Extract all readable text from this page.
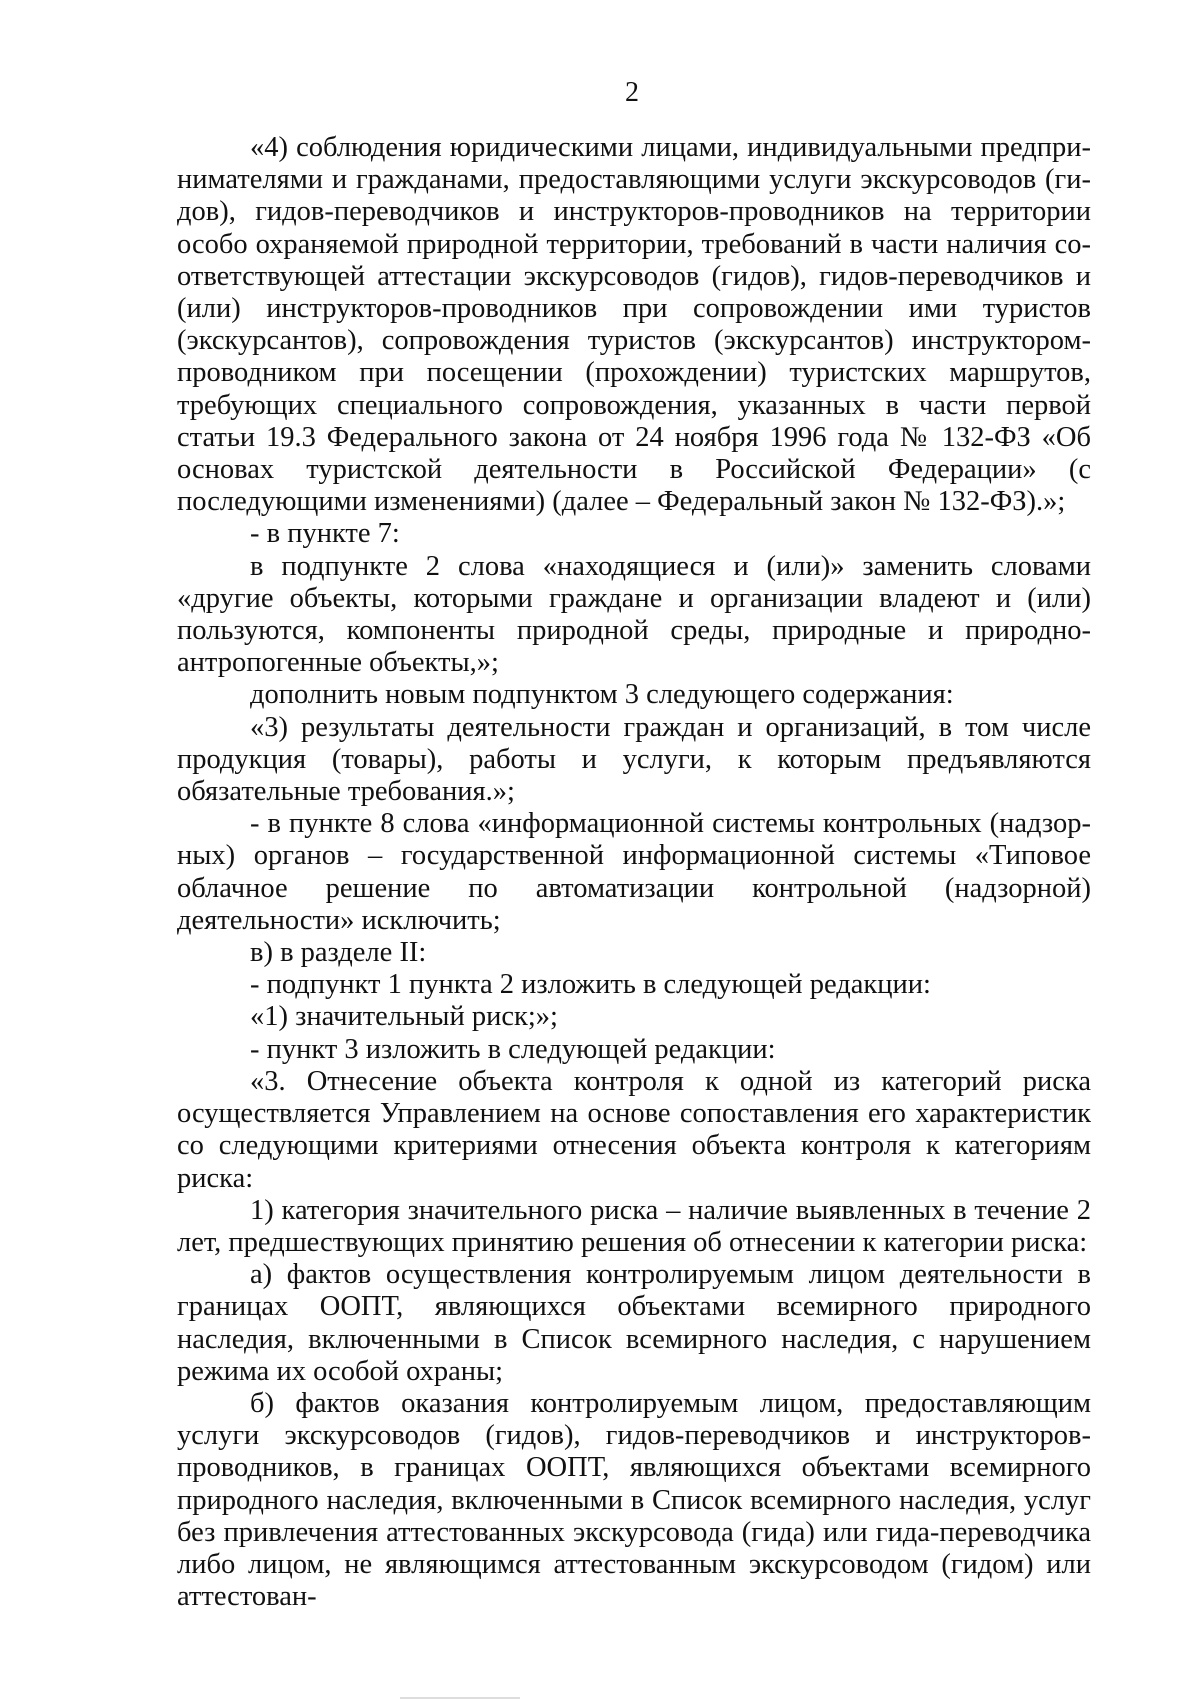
2

«4) соблюдения юридическими лицами, индивидуальными предпринимателями и гражданами, предоставляющими услуги экскурсоводов (гидов), гидов-переводчиков и инструкторов-проводников на территории особо охраняемой природной территории, требований в части наличия соответствующей аттестации экскурсоводов (гидов), гидов-переводчиков и (или) инструкторов-проводников при сопровождении ими туристов (экскурсантов), сопровождения туристов (экскурсантов) инструктором-проводником при посещении (прохождении) туристских маршрутов, требующих специального сопровождения, указанных в части первой статьи 19.3 Федерального закона от 24 ноября 1996 года № 132-ФЗ «Об основах туристской деятельности в Российской Федерации» (с последующими изменениями) (далее – Федеральный закон № 132-ФЗ).»;

- в пункте 7:

в подпункте 2 слова «находящиеся и (или)» заменить словами «другие объекты, которыми граждане и организации владеют и (или) пользуются, компоненты природной среды, природные и природно-антропогенные объекты,»;

дополнить новым подпунктом 3 следующего содержания:

«3) результаты деятельности граждан и организаций, в том числе продукция (товары), работы и услуги, к которым предъявляются обязательные требования.»;

- в пункте 8 слова «информационной системы контрольных (надзорных) органов – государственной информационной системы «Типовое облачное решение по автоматизации контрольной (надзорной) деятельности» исключить;

в) в разделе II:

- подпункт 1 пункта 2 изложить в следующей редакции:

«1) значительный риск;»;

- пункт 3 изложить в следующей редакции:

«3. Отнесение объекта контроля к одной из категорий риска осуществляется Управлением на основе сопоставления его характеристик со следующими критериями отнесения объекта контроля к категориям риска:

1) категория значительного риска – наличие выявленных в течение 2 лет, предшествующих принятию решения об отнесении к категории риска:

а) фактов осуществления контролируемым лицом деятельности в границах ООПТ, являющихся объектами всемирного природного наследия, включенными в Список всемирного наследия, с нарушением режима их особой охраны;

б) фактов оказания контролируемым лицом, предоставляющим услуги экскурсоводов (гидов), гидов-переводчиков и инструкторов-проводников, в границах ООПТ, являющихся объектами всемирного природного наследия, включенными в Список всемирного наследия, услуг без привлечения аттестованных экскурсовода (гида) или гида-переводчика либо лицом, не являющимся аттестованным экскурсоводом (гидом) или аттестован-
